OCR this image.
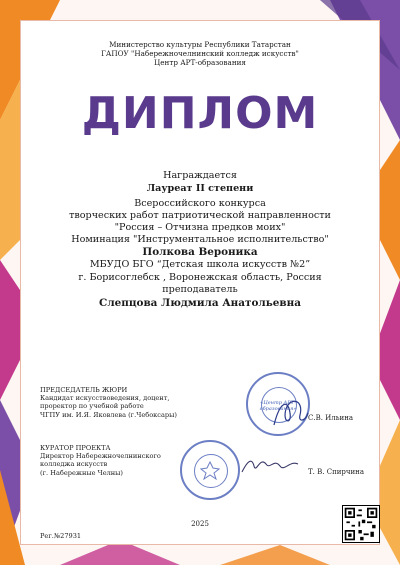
Министерство культуры Республики Татарстан
ГАПОУ "Набережночелнинский колледж искусств"
Центр АРТ-образования
ДИПЛОМ
Награждается
Лауреат II степени
Всероссийского конкурса
творческих работ патриотической направленности
"Россия – Отчизна предков моих"
Номинация "Инструментальное исполнительство"
Полкова Вероника
МБУДО БГО “Детская школа искусств №2”
г. Борисоглебск , Воронежская область, Россия
преподаватель
Слепцова Людмила Анатольевна
ПРЕДСЕДАТЕЛЬ ЖЮРИ
Кандидат искусствоведения, доцент,
проректор по учебной работе
ЧГПУ им. И.Я. Яковлева (г.Чебоксары)	С.В. Ильина
«Центр АРТ-образования»
КУРАТОР ПРОЕКТА
Директор Набережночелнинского
колледжа искусств
(г. Набережные Челны)	Т. В. Спирчина
2025
Рег.№27931
